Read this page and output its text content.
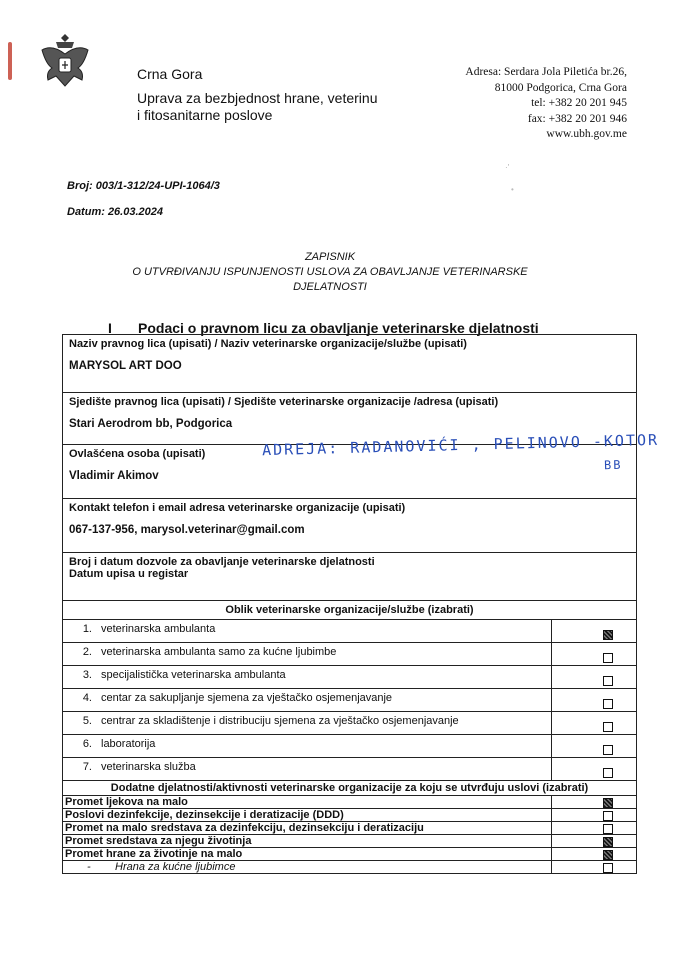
Crna Gora
Uprava za bezbjednost hrane, veterinu
i fitosanitarne poslove
Adresa: Serdara Jola Piletića br.26,
81000 Podgorica, Crna Gora
tel: +382 20 201 945
fax: +382 20 201 946
www.ubh.gov.me
·'
•
Broj: 003/1-312/24-UPI-1064/3
Datum: 26.03.2024
ZAPISNIK
O UTVRĐIVANJU ISPUNJENOSTI USLOVA ZA OBAVLJANJE VETERINARSKE
DJELATNOSTI
I Podaci o pravnom licu za obavljanje veterinarske djelatnosti
Naziv pravnog lica (upisati) / Naziv veterinarske organizacije/službe (upisati)
MARYSOL ART DOO
Sjedište pravnog lica (upisati) / Sjedište veterinarske organizacije /adresa (upisati)
Stari Aerodrom bb, Podgorica
Ovlašćena osoba (upisati)
Vladimir Akimov
Kontakt telefon i email adresa veterinarske organizacije (upisati)
067-137-956, marysol.veterinar@gmail.com
Broj i datum dozvole za obavljanje veterinarske djelatnosti
Datum upisa u registar
Oblik veterinarske organizacije/službe (izabrati)
1. veterinarska ambulanta
2. veterinarska ambulanta samo za kućne ljubimbe
3. specijalistička veterinarska ambulanta
4. centar za sakupljanje sjemena za vještačko osjemenjavanje
5. centrar za skladištenje i distribuciju sjemena za vještačko osjemenjavanje
6. laboratorija
7. veterinarska služba
Dodatne djelatnosti/aktivnosti veterinarske organizacije za koju se utvrđuju uslovi (izabrati)
Promet ljekova na malo
Poslovi dezinfekcije, dezinsekcije i deratizacije (DDD)
Promet na malo sredstava za dezinfekciju, dezinsekciju i deratizaciju
Promet sredstava za njegu životinja
Promet hrane za životinje na malo
- Hrana za kućne ljubimce
ADREJA: RADANOVIĆI , PELINOVO -KOTOR
BB
